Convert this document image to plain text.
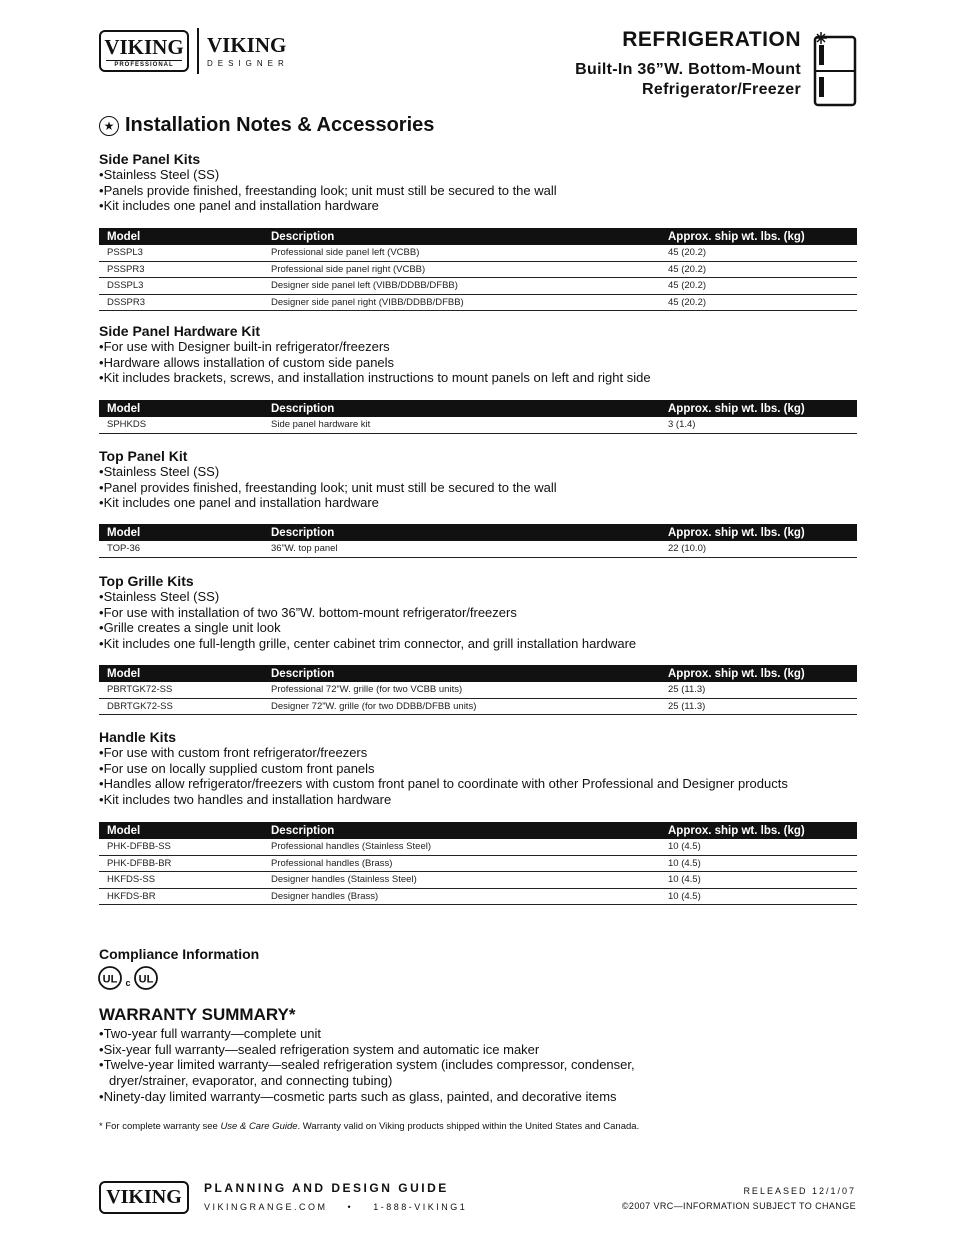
VIKING
PROFESSIONAL
VIKING
DESIGNER
REFRIGERATION
Built-In 36”W. Bottom-Mount
Refrigerator/Freezer
★ Installation Notes & Accessories
Side Panel Kits
• Stainless Steel (SS)
• Panels provide finished, freestanding look; unit must still be secured to the wall
• Kit includes one panel and installation hardware
Model	Description	Approx. ship wt. lbs. (kg)
PSSPL3	Professional side panel left (VCBB)	45 (20.2)
PSSPR3	Professional side panel right (VCBB)	45 (20.2)
DSSPL3	Designer side panel left (VIBB/DDBB/DFBB)	45 (20.2)
DSSPR3	Designer side panel right (VIBB/DDBB/DFBB)	45 (20.2)
Side Panel Hardware Kit
• For use with Designer built-in refrigerator/freezers
• Hardware allows installation of custom side panels
• Kit includes brackets, screws, and installation instructions to mount panels on left and right side
Model	Description	Approx. ship wt. lbs. (kg)
SPHKDS	Side panel hardware kit	3 (1.4)
Top Panel Kit
• Stainless Steel (SS)
• Panel provides finished, freestanding look; unit must still be secured to the wall
• Kit includes one panel and installation hardware
Model	Description	Approx. ship wt. lbs. (kg)
TOP-36	36”W. top panel	22 (10.0)
Top Grille Kits
• Stainless Steel (SS)
• For use with installation of two 36”W. bottom-mount refrigerator/freezers
• Grille creates a single unit look
• Kit includes one full-length grille, center cabinet trim connector, and grill installation hardware
Model	Description	Approx. ship wt. lbs. (kg)
PBRTGK72-SS	Professional 72”W. grille (for two VCBB units)	25 (11.3)
DBRTGK72-SS	Designer 72”W. grille (for two DDBB/DFBB units)	25 (11.3)
Handle Kits
• For use with custom front refrigerator/freezers
• For use on locally supplied custom front panels
• Handles allow refrigerator/freezers with custom front panel to coordinate with other Professional and Designer products
• Kit includes two handles and installation hardware
Model	Description	Approx. ship wt. lbs. (kg)
PHK-DFBB-SS	Professional handles (Stainless Steel)	10 (4.5)
PHK-DFBB-BR	Professional handles (Brass)	10 (4.5)
HKFDS-SS	Designer handles (Stainless Steel)	10 (4.5)
HKFDS-BR	Designer handles (Brass)	10 (4.5)
Compliance Information
UL c UL
WARRANTY SUMMARY*
• Two-year full warranty—complete unit
• Six-year full warranty—sealed refrigeration system and automatic ice maker
• Twelve-year limited warranty—sealed refrigeration system (includes compressor, condenser,
dryer/strainer, evaporator, and connecting tubing)
• Ninety-day limited warranty—cosmetic parts such as glass, painted, and decorative items
* For complete warranty see Use & Care Guide. Warranty valid on Viking products shipped within the United States and Canada.
VIKING	PLANNING AND DESIGN GUIDE
VIKINGRANGE.COM • 1-888-VIKING1
RELEASED 12/1/07
©2007 VRC—INFORMATION SUBJECT TO CHANGE
